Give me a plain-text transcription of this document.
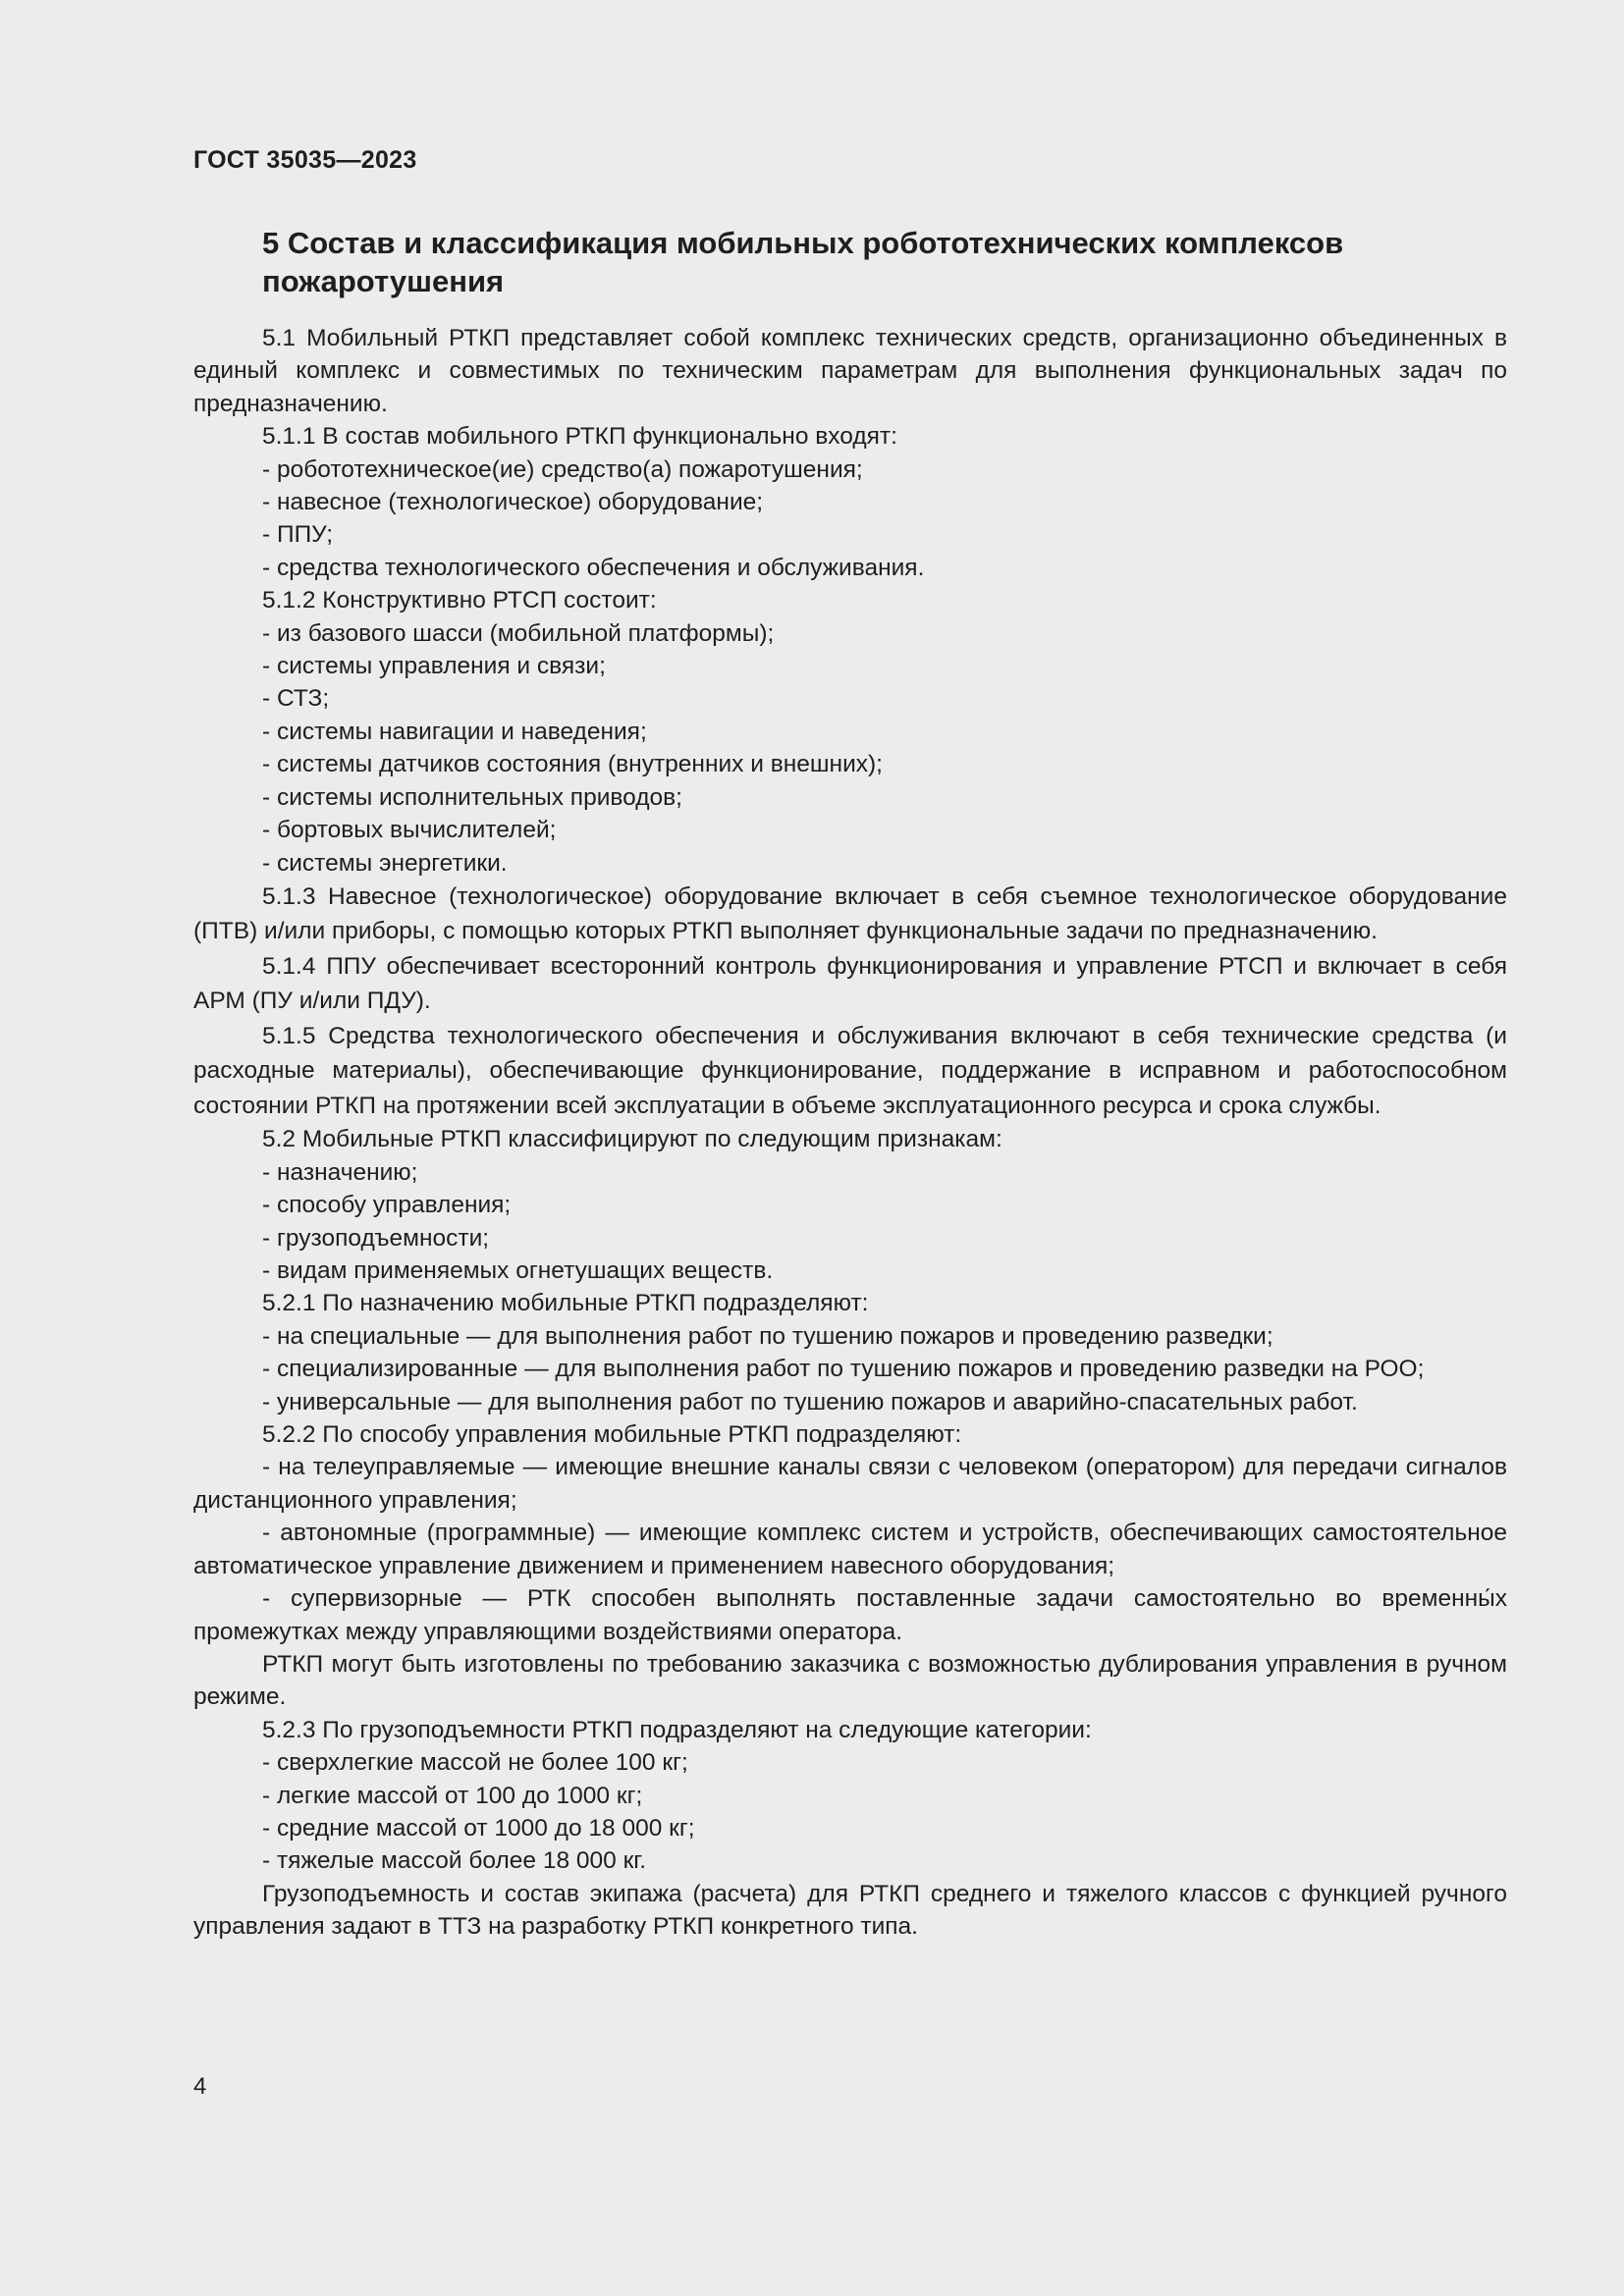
ГОСТ 35035—2023
5 Состав и классификация мобильных робототехнических комплексов пожаротушения

5.1 Мобильный РТКП представляет собой комплекс технических средств, организационно объединенных в единый комплекс и совместимых по техническим параметрам для выполнения функциональных задач по предназначению.

5.1.1 В состав мобильного РТКП функционально входят:

- робототехническое(ие) средство(а) пожаротушения;

- навесное (технологическое) оборудование;

- ППУ;

- средства технологического обеспечения и обслуживания.

5.1.2 Конструктивно РТСП состоит:

- из базового шасси (мобильной платформы);

- системы управления и связи;

- СТЗ;

- системы навигации и наведения;

- системы датчиков состояния (внутренних и внешних);

- системы исполнительных приводов;

- бортовых вычислителей;

- системы энергетики.

5.1.3 Навесное (технологическое) оборудование включает в себя съемное технологическое оборудование (ПТВ) и/или приборы, с помощью которых РТКП выполняет функциональные задачи по предназначению.

5.1.4 ППУ обеспечивает всесторонний контроль функционирования и управление РТСП и включает в себя АРМ (ПУ и/или ПДУ).

5.1.5 Средства технологического обеспечения и обслуживания включают в себя технические средства (и расходные материалы), обеспечивающие функционирование, поддержание в исправном и работоспособном состоянии РТКП на протяжении всей эксплуатации в объеме эксплуатационного ресурса и срока службы.

5.2 Мобильные РТКП классифицируют по следующим признакам:

- назначению;

- способу управления;

- грузоподъемности;

- видам применяемых огнетушащих веществ.

5.2.1 По назначению мобильные РТКП подразделяют:

- на специальные — для выполнения работ по тушению пожаров и проведению разведки;

- специализированные — для выполнения работ по тушению пожаров и проведению разведки на РОО;

- универсальные — для выполнения работ по тушению пожаров и аварийно-спасательных работ.

5.2.2 По способу управления мобильные РТКП подразделяют:

- на телеуправляемые — имеющие внешние каналы связи с человеком (оператором) для передачи сигналов дистанционного управления;

- автономные (программные) — имеющие комплекс систем и устройств, обеспечивающих самостоятельное автоматическое управление движением и применением навесного оборудования;

- супервизорные — РТК способен выполнять поставленные задачи самостоятельно во временны́х промежутках между управляющими воздействиями оператора.

РТКП могут быть изготовлены по требованию заказчика с возможностью дублирования управления в ручном режиме.

5.2.3 По грузоподъемности РТКП подразделяют на следующие категории:

- сверхлегкие массой не более 100 кг;

- легкие массой от 100 до 1000 кг;

- средние массой от 1000 до 18 000 кг;

- тяжелые массой более 18 000 кг.

Грузоподъемность и состав экипажа (расчета) для РТКП среднего и тяжелого классов с функцией ручного управления задают в ТТЗ на разработку РТКП конкретного типа.

4
